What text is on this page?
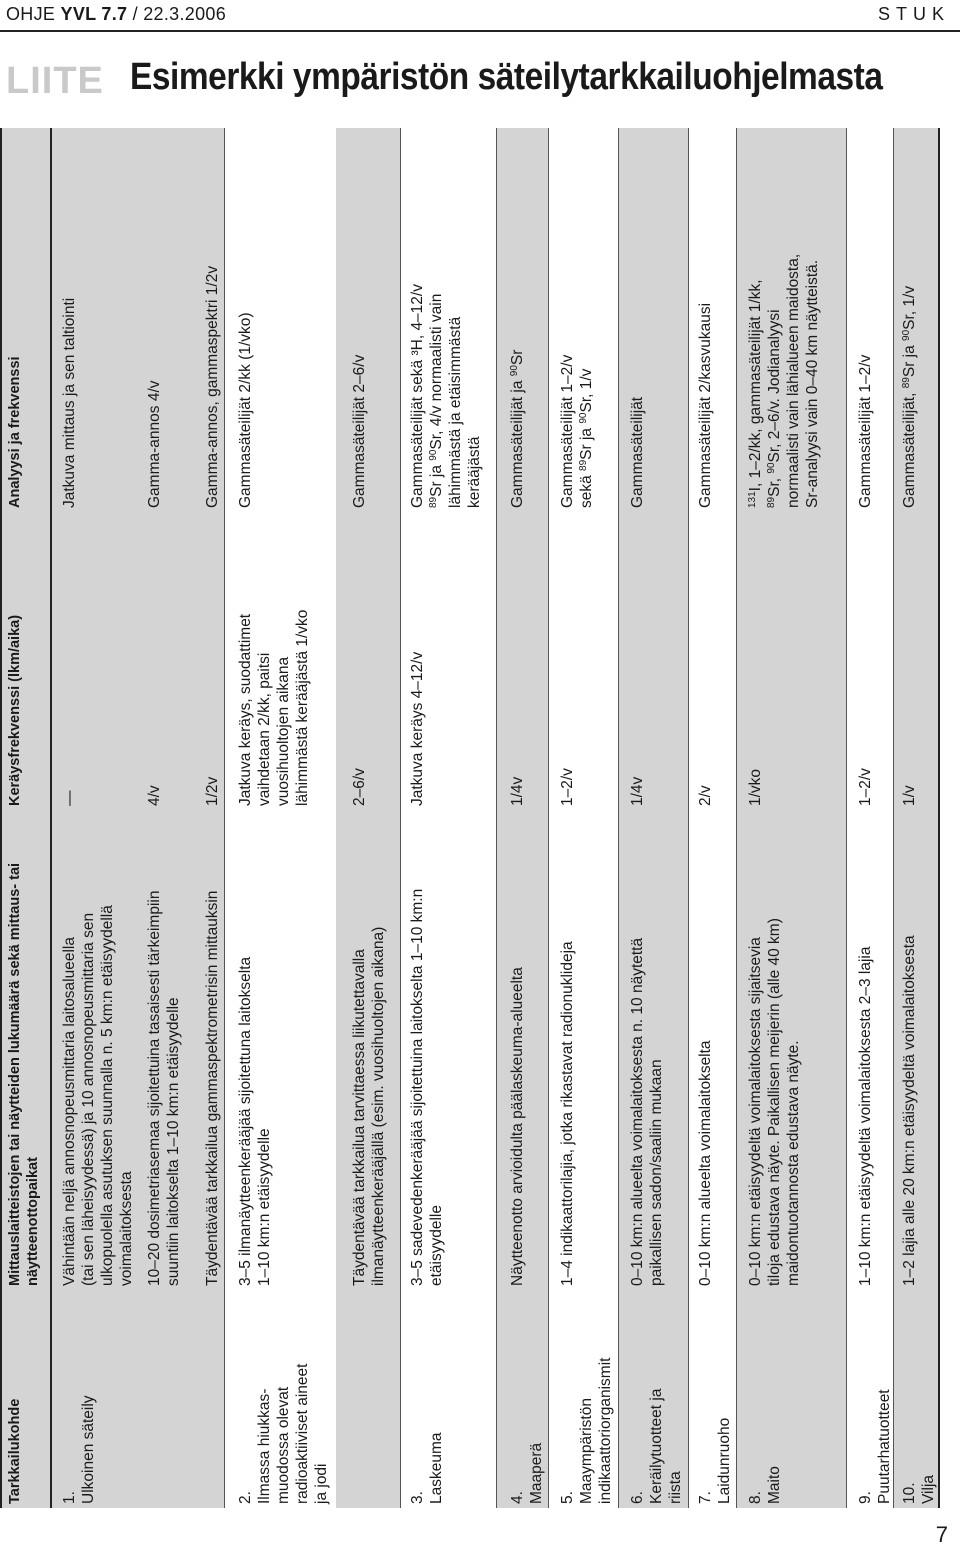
OHJE YVL 7.7 / 22.3.2006	STUK
LIITE Esimerkki ympäristön säteilytarkkailuohjelmasta
Tarkkailukohde
Mittauslaitteistojen tai näytteiden lukumäärä sekä mittaus- tai näytteenottopaikat
Keräysfrekvenssi (lkm/aika)
Analyysi ja frekvenssi
1. Ulkoinen säteily
Vähintään neljä annosnopeusmittaria laitosalueella (tai sen läheisyydessä) ja 10 annosnopeusmittaria sen ulkopuolella asutuksen suunnalla n. 5 km:n etäisyydellä voimalaitoksesta
—
Jatkuva mittaus ja sen taltiointi
10–20 dosimetriasemaa sijoitettuina tasaisesti tärkeimpiin suuntiin laitokselta 1–10 km:n etäisyydelle
4/v
Gamma-annos 4/v
Täydentävää tarkkailua gammaspektrometrisin mittauksin
1/2v
Gamma-annos, gammaspektri 1/2v
2. Ilmassa hiukkas- muodossa olevat radioaktiiviset aineet ja jodi
3–5 ilmanäytteenkerääjää sijoitettuna laitokselta 1–10 km:n etäisyydelle
Jatkuva keräys, suodattimet vaihdetaan 2/kk, paitsi vuosihuoltojen aikana lähimmästä kerääjästä 1/vko
Gammasäteilijät 2/kk (1/vko)
Täydentävää tarkkailua tarvittaessa liikutettavalla ilmanäytteenkerääjällä (esim. vuosihuoltojen aikana)
2–6/v
Gammasäteilijät 2–6/v
3. Laskeuma
3–5 sadevedenkerääjää sijoitettuina laitokselta 1–10 km:n etäisyydelle
Jatkuva keräys 4–12/v
Gammasäteilijät sekä ³H, 4–12/v $^{89}$Sr ja $^{90}$Sr, 4/v normaalisti vain lähimmästä ja etäisimmästä kerääjästä
4. Maaperä
Näytteenotto arvioidulta päälaskeuma-alueelta
1/4v
Gammasäteilijät ja $^{90}$Sr
5. Maaympäristön indikaattoriorganismit
1–4 indikaattorilajia, jotka rikastavat radionuklideja
1–2/v
Gammasäteilijät 1–2/v sekä $^{89}$Sr ja $^{90}$Sr, 1/v
6. Keräilytuotteet ja riista
0–10 km:n alueelta voimalaitoksesta n. 10 näytettä paikallisen sadon/saaliin mukaan
1/4v
Gammasäteilijät
7. Laidunruoho
0–10 km:n alueelta voimalaitokselta
2/v
Gammasäteilijät 2/kasvukausi
8. Maito
0–10 km:n etäisyydeltä voimalaitoksesta sijaitsevia tiloja edustava näyte. Paikallisen meijerin (alle 40 km) maidontuotannosta edustava näyte.
1/vko
$^{131}$I, 1–2/kk, gammasäteilijät 1/kk,
$^{89}$Sr, $^{90}$Sr, 2–6/v. Jodianalyysi normaalisti vain lähialueen maidosta, Sr-analyysi vain 0–40 km näytteistä.
9. Puutarhatuotteet
1–10 km:n etäisyydeltä voimalaitoksesta 2–3 lajia
1–2/v
Gammasäteilijät 1–2/v
10. Vilja
1–2 lajia alle 20 km:n etäisyydeltä voimalaitoksesta
1/v
Gammasäteilijät, $^{89}$Sr ja $^{90}$Sr, 1/v
7
